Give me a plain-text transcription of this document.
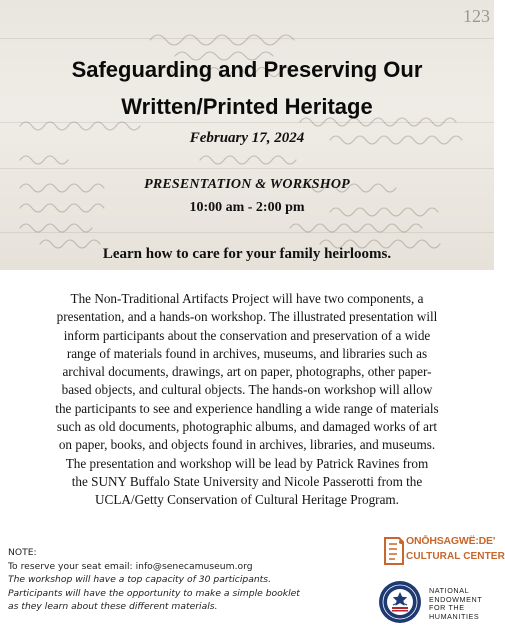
123
Safeguarding and Preserving Our
Written/Printed Heritage
February 17, 2024
PRESENTATION & WORKSHOP
10:00 am - 2:00 pm
Learn how to care for your family heirlooms.
The Non-Traditional Artifacts Project will have two components, a
presentation, and a hands-on workshop. The illustrated presentation will
inform participants about the conservation and preservation of a wide
range of materials found in archives, museums, and libraries such as
archival documents, drawings, art on paper, photographs, other paper-
based objects, and cultural objects. The hands-on workshop will allow
the participants to see and experience handling a wide range of materials
such as old documents, photographic albums, and damaged works of art
on paper, books, and objects found in archives, libraries, and museums.
The presentation and workshop will be lead by Patrick Ravines from
the SUNY Buffalo State University and Nicole Passerotti from the
UCLA/Getty Conservation of Cultural Heritage Program.
NOTE:
To reserve your seat email: info@senecamuseum.org
The workshop will have a top capacity of 30 participants.
Participants will have the opportunity to make a simple booklet
as they learn about these different materials.
ONŌHSAGWË:DE'
CULTURAL CENTER
NATIONAL
ENDOWMENT
FOR THE
HUMANITIES
